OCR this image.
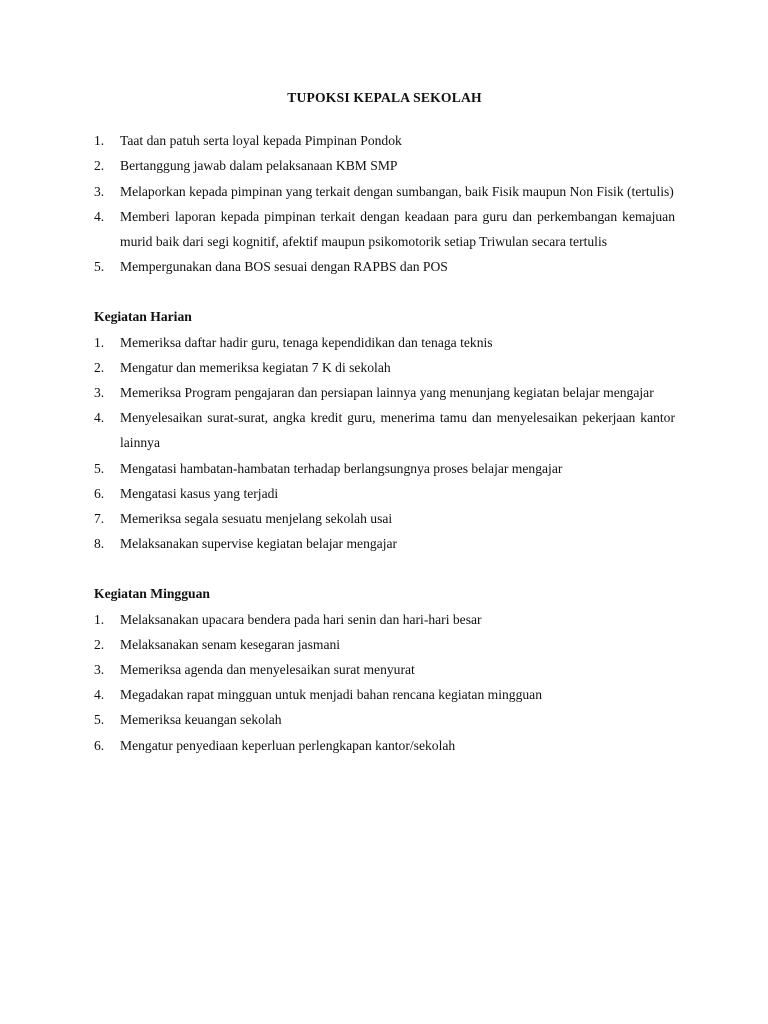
TUPOKSI KEPALA SEKOLAH
1. Taat dan patuh serta loyal kepada Pimpinan Pondok
2. Bertanggung jawab dalam pelaksanaan KBM SMP
3. Melaporkan kepada pimpinan yang terkait dengan sumbangan, baik Fisik maupun Non Fisik (tertulis)
4. Memberi laporan kepada pimpinan terkait dengan keadaan para guru dan perkembangan kemajuan murid baik dari segi kognitif, afektif maupun psikomotorik setiap Triwulan secara tertulis
5. Mempergunakan dana BOS sesuai dengan RAPBS dan POS
Kegiatan Harian
1. Memeriksa daftar hadir guru, tenaga kependidikan dan tenaga teknis
2. Mengatur dan memeriksa kegiatan 7 K di sekolah
3. Memeriksa Program pengajaran dan persiapan lainnya yang menunjang kegiatan belajar mengajar
4. Menyelesaikan surat-surat, angka kredit guru, menerima tamu dan menyelesaikan pekerjaan kantor lainnya
5. Mengatasi hambatan-hambatan terhadap berlangsungnya proses belajar mengajar
6. Mengatasi kasus yang terjadi
7. Memeriksa segala sesuatu menjelang sekolah usai
8. Melaksanakan supervise kegiatan belajar mengajar
Kegiatan Mingguan
1. Melaksanakan upacara bendera pada hari senin dan hari-hari besar
2. Melaksanakan senam kesegaran jasmani
3. Memeriksa agenda dan menyelesaikan surat menyurat
4. Megadakan rapat mingguan untuk menjadi bahan rencana kegiatan mingguan
5. Memeriksa keuangan sekolah
6. Mengatur penyediaan keperluan perlengkapan kantor/sekolah
